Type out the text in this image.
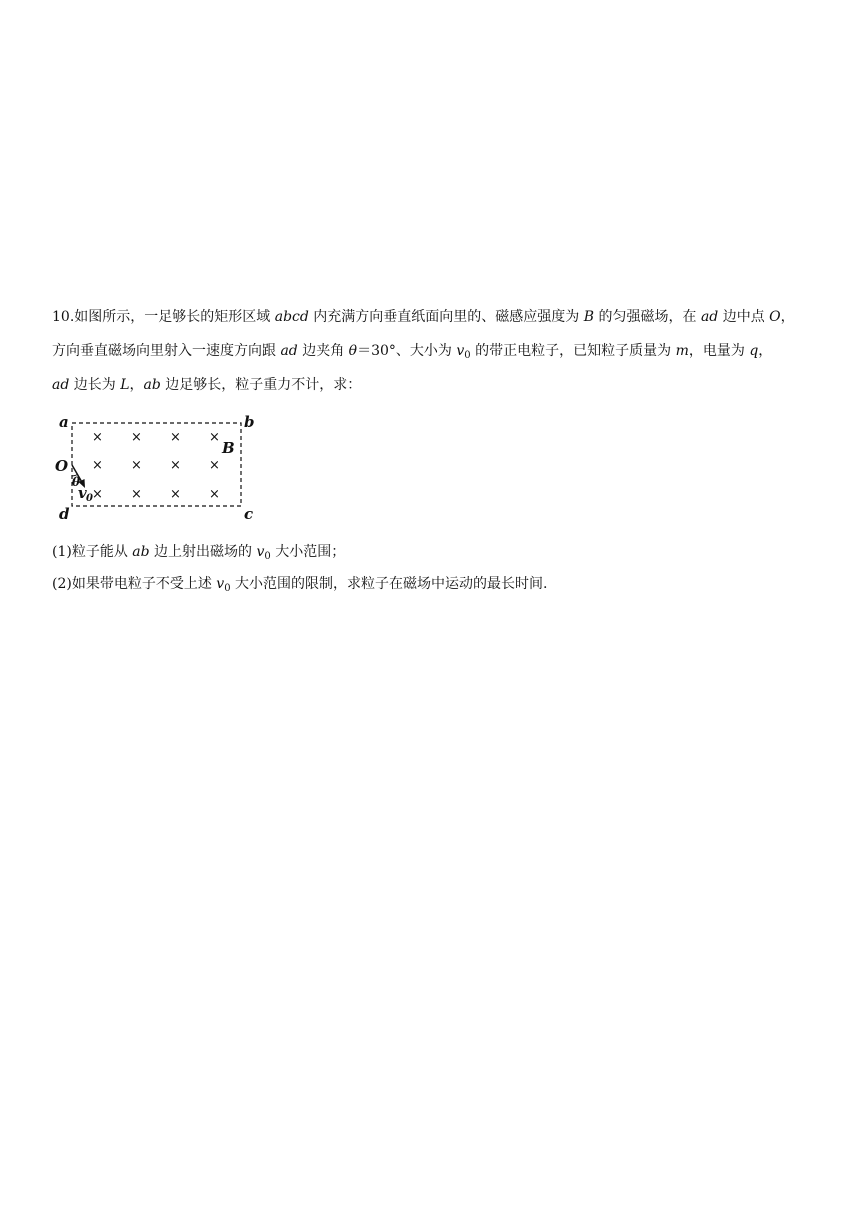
10.如图所示，一足够长的矩形区域 abcd 内充满方向垂直纸面向里的、磁感应强度为 B 的匀强磁场，在 ad 边中点 O，
方向垂直磁场向里射入一速度方向跟 ad 边夹角 θ＝30°、大小为 $v_0$ 的带正电粒子，已知粒子质量为 m，电量为 q，
ad 边长为 L，ab 边足够长，粒子重力不计，求：
a	b
d	c
O
B
× × × ×
× × × ×
× × × ×
θ
v 0
(1)粒子能从 ab 边上射出磁场的 $v_0$ 大小范围；
(2)如果带电粒子不受上述 $v_0$ 大小范围的限制，求粒子在磁场中运动的最长时间.
